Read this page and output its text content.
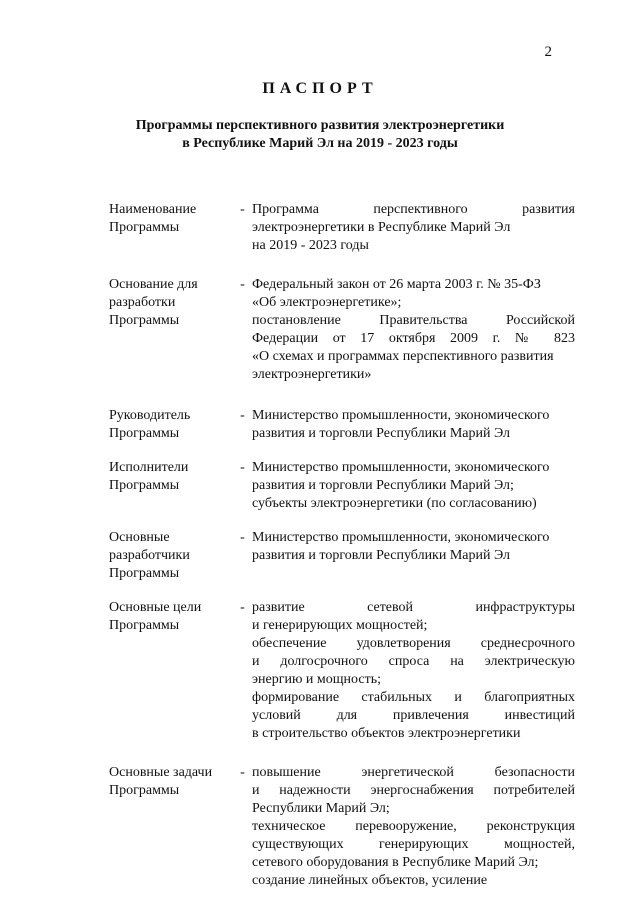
2
ПАСПОРТ
Программы перспективного развития электроэнергетики
в Республике Марий Эл на 2019 - 2023 годы
Наименование
Программы
- Программа перспективного развития
электроэнергетики в Республике Марий Эл
на 2019 - 2023 годы
Основание для
разработки
Программы
- Федеральный закон от 26 марта 2003 г. № 35-ФЗ
«Об электроэнергетике»;
постановление Правительства Российской
Федерации от 17 октября 2009 г. № 823
«О схемах и программах перспективного развития
электроэнергетики»
Руководитель
Программы
- Министерство промышленности, экономического
развития и торговли Республики Марий Эл
Исполнители
Программы
- Министерство промышленности, экономического
развития и торговли Республики Марий Эл;
субъекты электроэнергетики (по согласованию)
Основные
разработчики
Программы
- Министерство промышленности, экономического
развития и торговли Республики Марий Эл
Основные цели
Программы
- развитие сетевой инфраструктуры
и генерирующих мощностей;
обеспечение удовлетворения среднесрочного
и долгосрочного спроса на электрическую
энергию и мощность;
формирование стабильных и благоприятных
условий для привлечения инвестиций
в строительство объектов электроэнергетики
Основные задачи
Программы
- повышение энергетической безопасности
и надежности энергоснабжения потребителей
Республики Марий Эл;
техническое перевооружение, реконструкция
существующих генерирующих мощностей,
сетевого оборудования в Республике Марий Эл;
создание линейных объектов, усиление
